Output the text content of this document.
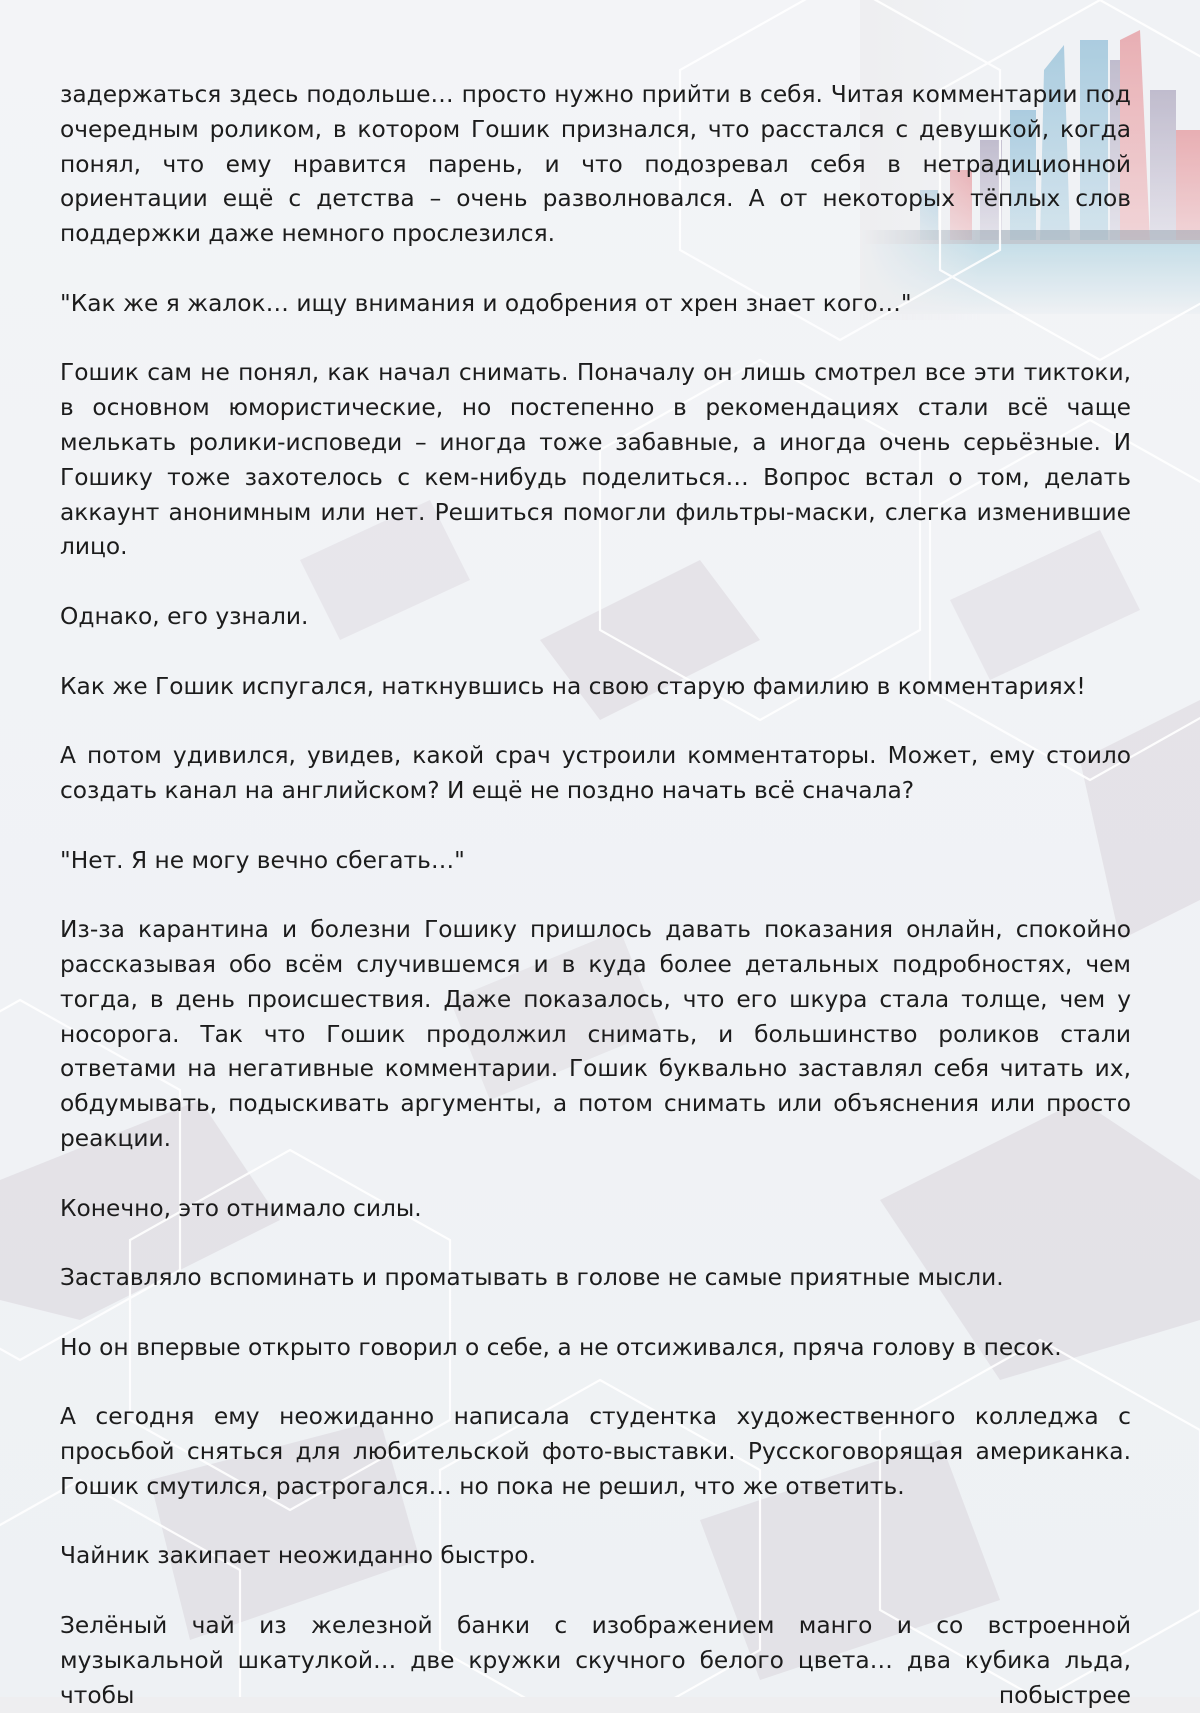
задержаться здесь подольше… просто нужно прийти в себя. Читая комментарии под очередным роликом, в котором Гошик признался, что расстался с девушкой, когда понял, что ему нравится парень, и что подозревал себя в нетрадиционной ориентации ещё с детства – очень разволновался. А от некоторых тёплых слов поддержки даже немного прослезился.

"Как же я жалок… ищу внимания и одобрения от хрен знает кого…"

Гошик сам не понял, как начал снимать. Поначалу он лишь смотрел все эти тиктоки, в основном юмористические, но постепенно в рекомендациях стали всё чаще мелькать ролики-исповеди – иногда тоже забавные, а иногда очень серьёзные. И Гошику тоже захотелось с кем-нибудь поделиться… Вопрос встал о том, делать аккаунт анонимным или нет. Решиться помогли фильтры-маски, слегка изменившие лицо.

Однако, его узнали.

Как же Гошик испугался, наткнувшись на свою старую фамилию в комментариях!

А потом удивился, увидев, какой срач устроили комментаторы. Может, ему стоило создать канал на английском? И ещё не поздно начать всё сначала?

"Нет. Я не могу вечно сбегать…"

Из-за карантина и болезни Гошику пришлось давать показания онлайн, спокойно рассказывая обо всём случившемся и в куда более детальных подробностях, чем тогда, в день происшествия. Даже показалось, что его шкура стала толще, чем у носорога. Так что Гошик продолжил снимать, и большинство роликов стали ответами на негативные комментарии. Гошик буквально заставлял себя читать их, обдумывать, подыскивать аргументы, а потом снимать или объяснения или просто реакции.

Конечно, это отнимало силы.

Заставляло вспоминать и проматывать в голове не самые приятные мысли.

Но он впервые открыто говорил о себе, а не отсиживался, пряча голову в песок.

А сегодня ему неожиданно написала студентка художественного колледжа с просьбой сняться для любительской фото-выставки. Русскоговорящая американка. Гошик смутился, растрогался… но пока не решил, что же ответить.

Чайник закипает неожиданно быстро.

Зелёный чай из железной банки с изображением манго и со встроенной музыкальной шкатулкой… две кружки скучного белого цвета… два кубика льда, чтобы побыстрее
